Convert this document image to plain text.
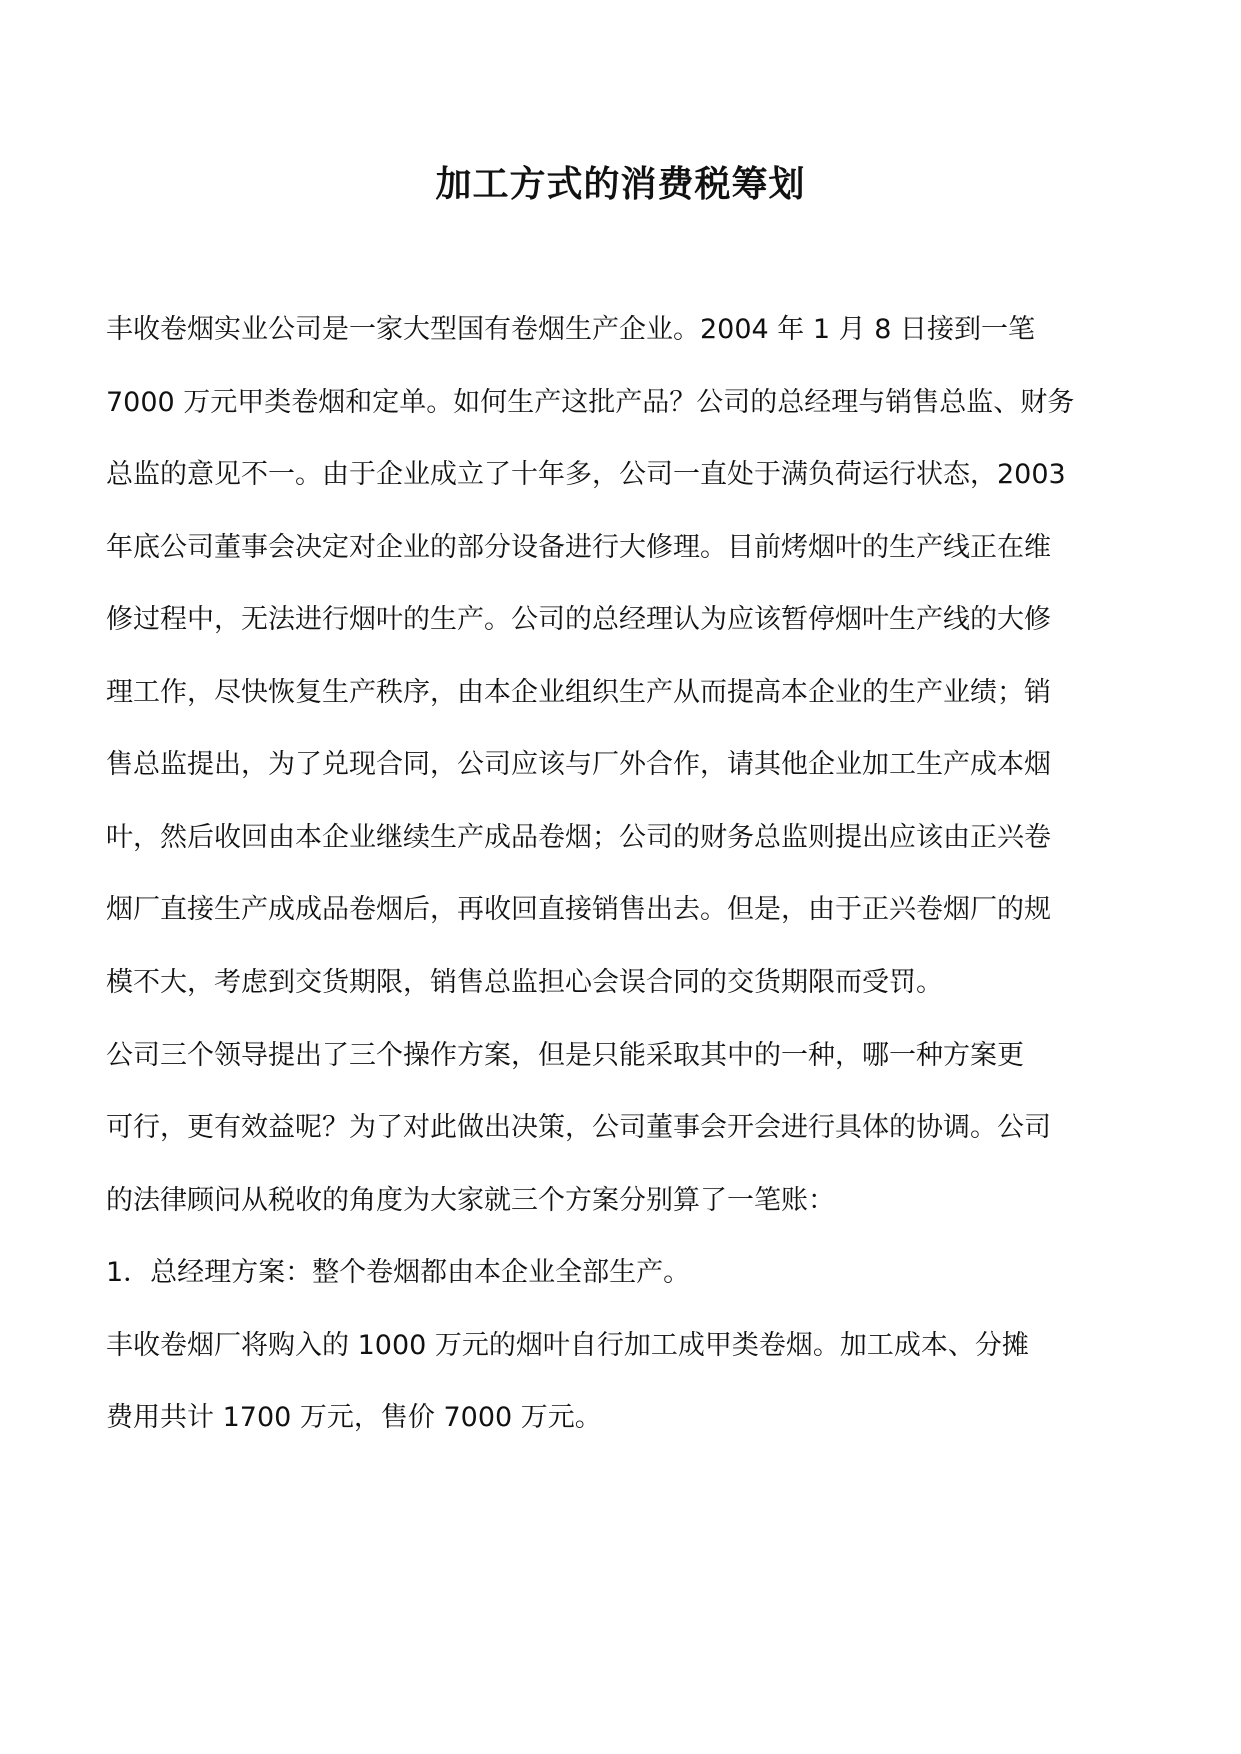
加工方式的消费税筹划
丰收卷烟实业公司是一家大型国有卷烟生产企业。2004 年 1 月 8 日接到一笔
7000 万元甲类卷烟和定单。如何生产这批产品？公司的总经理与销售总监、财务
总监的意见不一。由于企业成立了十年多，公司一直处于满负荷运行状态，2003
年底公司董事会决定对企业的部分设备进行大修理。目前烤烟叶的生产线正在维
修过程中，无法进行烟叶的生产。公司的总经理认为应该暂停烟叶生产线的大修
理工作，尽快恢复生产秩序，由本企业组织生产从而提高本企业的生产业绩；销
售总监提出，为了兑现合同，公司应该与厂外合作，请其他企业加工生产成本烟
叶，然后收回由本企业继续生产成品卷烟；公司的财务总监则提出应该由正兴卷
烟厂直接生产成成品卷烟后，再收回直接销售出去。但是，由于正兴卷烟厂的规
模不大，考虑到交货期限，销售总监担心会误合同的交货期限而受罚。
公司三个领导提出了三个操作方案，但是只能采取其中的一种，哪一种方案更
可行，更有效益呢？为了对此做出决策，公司董事会开会进行具体的协调。公司
的法律顾问从税收的角度为大家就三个方案分别算了一笔账：
1．总经理方案：整个卷烟都由本企业全部生产。
丰收卷烟厂将购入的 1000 万元的烟叶自行加工成甲类卷烟。加工成本、分摊
费用共计 1700 万元，售价 7000 万元。
